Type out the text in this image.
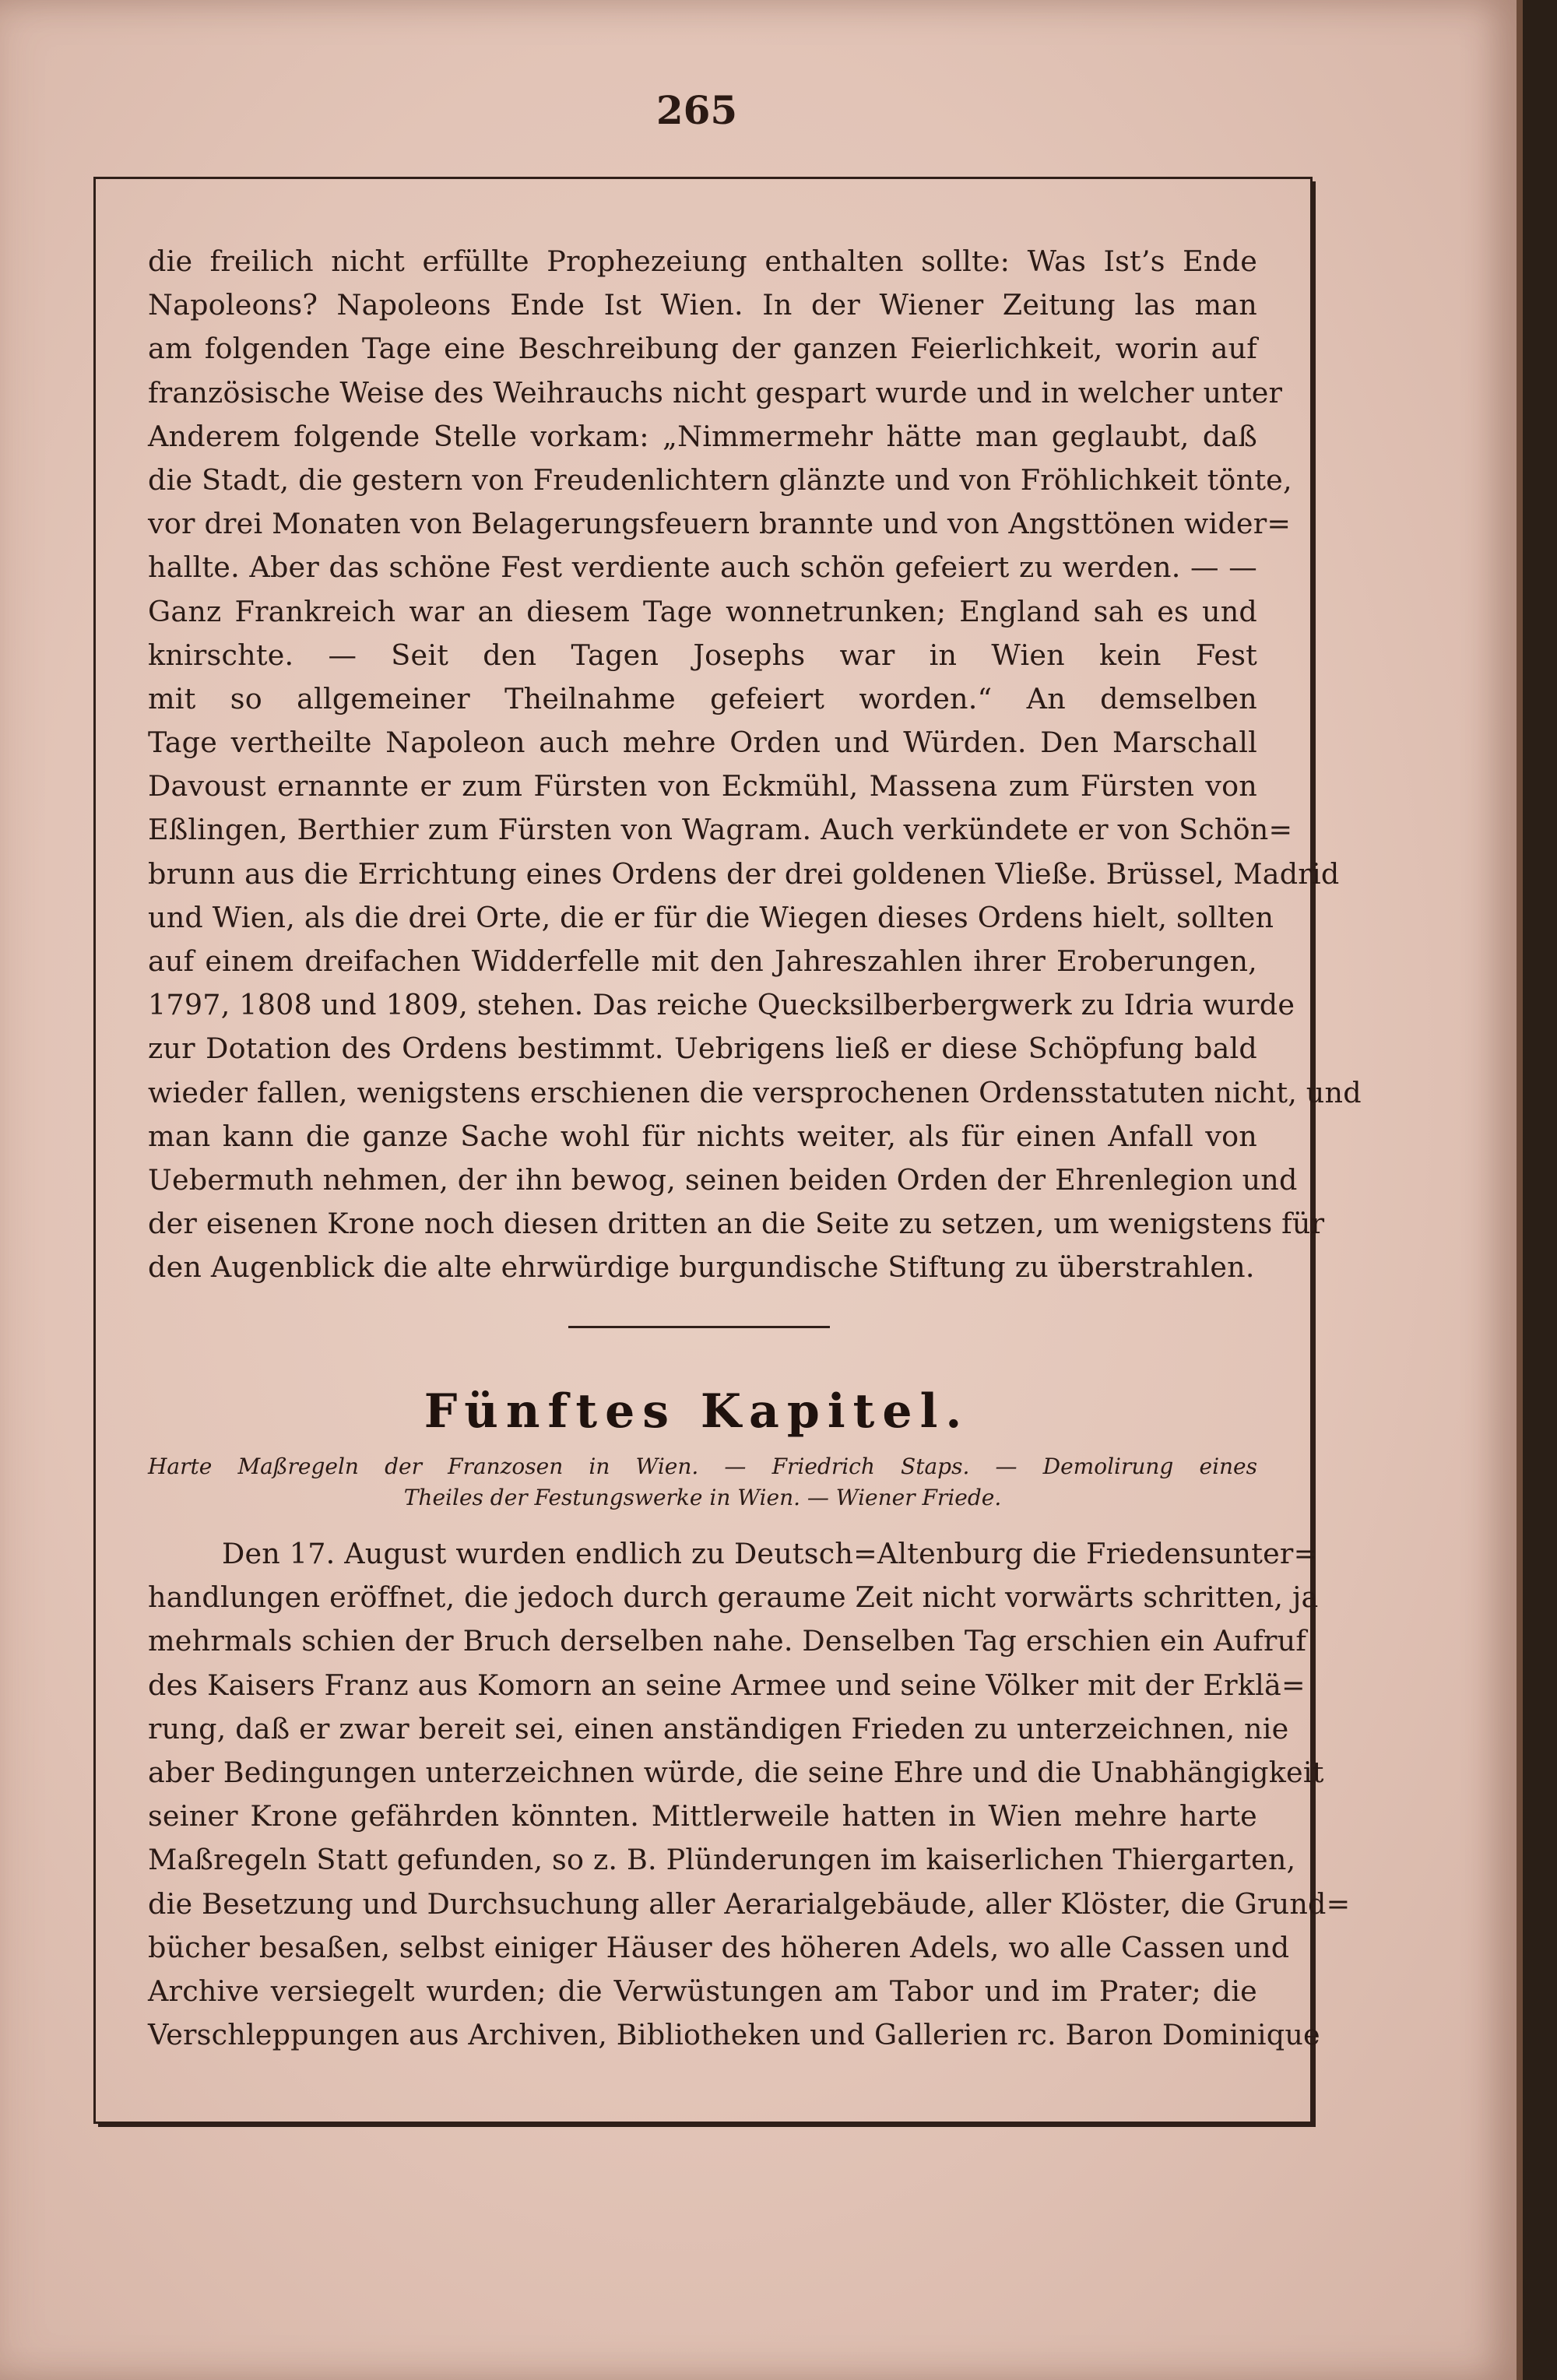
265
die freilich nicht erfüllte Prophezeiung enthalten sollte: Was Ist’s Ende
Napoleons? Napoleons Ende Ist Wien. In der Wiener Zeitung las man
am folgenden Tage eine Beschreibung der ganzen Feierlichkeit, worin auf
französische Weise des Weihrauchs nicht gespart wurde und in welcher unter
Anderem folgende Stelle vorkam: „Nimmermehr hätte man geglaubt, daß
die Stadt, die gestern von Freudenlichtern glänzte und von Fröhlichkeit tönte,
vor drei Monaten von Belagerungsfeuern brannte und von Angsttönen wider=
hallte. Aber das schöne Fest verdiente auch schön gefeiert zu werden. — —
Ganz Frankreich war an diesem Tage wonnetrunken; England sah es und
knirschte. — Seit den Tagen Josephs war in Wien kein Fest
mit so allgemeiner Theilnahme gefeiert worden.“ An demselben
Tage vertheilte Napoleon auch mehre Orden und Würden. Den Marschall
Davoust ernannte er zum Fürsten von Eckmühl, Massena zum Fürsten von
Eßlingen, Berthier zum Fürsten von Wagram. Auch verkündete er von Schön=
brunn aus die Errichtung eines Ordens der drei goldenen Vließe. Brüssel, Madrid
und Wien, als die drei Orte, die er für die Wiegen dieses Ordens hielt, sollten
auf einem dreifachen Widderfelle mit den Jahreszahlen ihrer Eroberungen,
1797, 1808 und 1809, stehen. Das reiche Quecksilberbergwerk zu Idria wurde
zur Dotation des Ordens bestimmt. Uebrigens ließ er diese Schöpfung bald
wieder fallen, wenigstens erschienen die versprochenen Ordensstatuten nicht, und
man kann die ganze Sache wohl für nichts weiter, als für einen Anfall von
Uebermuth nehmen, der ihn bewog, seinen beiden Orden der Ehrenlegion und
der eisenen Krone noch diesen dritten an die Seite zu setzen, um wenigstens für
den Augenblick die alte ehrwürdige burgundische Stiftung zu überstrahlen.
Fünftes Kapitel.
Harte Maßregeln der Franzosen in Wien. — Friedrich Staps. — Demolirung eines
Theiles der Festungswerke in Wien. — Wiener Friede.
Den 17. August wurden endlich zu Deutsch=Altenburg die Friedensunter=
handlungen eröffnet, die jedoch durch geraume Zeit nicht vorwärts schritten, ja
mehrmals schien der Bruch derselben nahe. Denselben Tag erschien ein Aufruf
des Kaisers Franz aus Komorn an seine Armee und seine Völker mit der Erklä=
rung, daß er zwar bereit sei, einen anständigen Frieden zu unterzeichnen, nie
aber Bedingungen unterzeichnen würde, die seine Ehre und die Unabhängigkeit
seiner Krone gefährden könnten. Mittlerweile hatten in Wien mehre harte
Maßregeln Statt gefunden, so z. B. Plünderungen im kaiserlichen Thiergarten,
die Besetzung und Durchsuchung aller Aerarialgebäude, aller Klöster, die Grund=
bücher besaßen, selbst einiger Häuser des höheren Adels, wo alle Cassen und
Archive versiegelt wurden; die Verwüstungen am Tabor und im Prater; die
Verschleppungen aus Archiven, Bibliotheken und Gallerien rc. Baron Dominique
